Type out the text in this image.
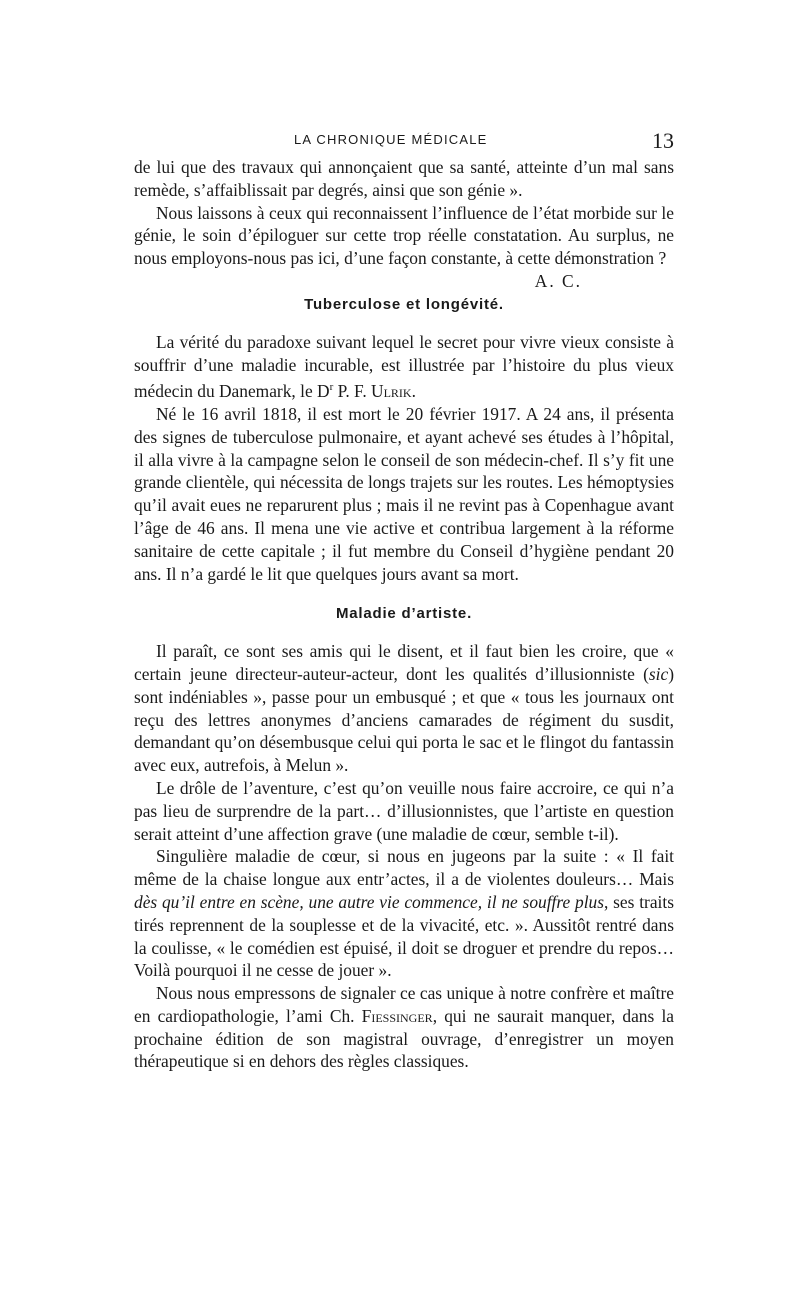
LA CHRONIQUE MÉDICALE	13

de lui que des travaux qui annonçaient que sa santé, atteinte d’un mal sans remède, s’affaiblissait par degrés, ainsi que son génie ».

Nous laissons à ceux qui reconnaissent l’influence de l’état morbide sur le génie, le soin d’épiloguer sur cette trop réelle constatation. Au surplus, ne nous employons-nous pas ici, d’une façon constante, à cette démonstration ?
A. C.

Tuberculose et longévité.

La vérité du paradoxe suivant lequel le secret pour vivre vieux consiste à souffrir d’une maladie incurable, est illustrée par l’histoire du plus vieux médecin du Danemark, le $D^r$ P. F. Ulrik.

Né le 16 avril 1818, il est mort le 20 février 1917. A 24 ans, il présenta des signes de tuberculose pulmonaire, et ayant achevé ses études à l’hôpital, il alla vivre à la campagne selon le conseil de son médecin-chef. Il s’y fit une grande clientèle, qui nécessita de longs trajets sur les routes. Les hémoptysies qu’il avait eues ne reparurent plus ; mais il ne revint pas à Copenhague avant l’âge de 46 ans. Il mena une vie active et contribua largement à la réforme sanitaire de cette capitale ; il fut membre du Conseil d’hygiène pendant 20 ans. Il n’a gardé le lit que quelques jours avant sa mort.

Maladie d’artiste.

Il paraît, ce sont ses amis qui le disent, et il faut bien les croire, que « certain jeune directeur-auteur-acteur, dont les qualités d’illusionniste (sic) sont indéniables », passe pour un embusqué ; et que « tous les journaux ont reçu des lettres anonymes d’anciens camarades de régiment du susdit, demandant qu’on désembusque celui qui porta le sac et le flingot du fantassin avec eux, autrefois, à Melun ».

Le drôle de l’aventure, c’est qu’on veuille nous faire accroire, ce qui n’a pas lieu de surprendre de la part… d’illusionnistes, que l’artiste en question serait atteint d’une affection grave (une maladie de cœur, semble t-il).

Singulière maladie de cœur, si nous en jugeons par la suite : « Il fait même de la chaise longue aux entr’actes, il a de violentes douleurs… Mais dès qu’il entre en scène, une autre vie commence, il ne souffre plus, ses traits tirés reprennent de la souplesse et de la vivacité, etc. ». Aussitôt rentré dans la coulisse, « le comédien est épuisé, il doit se droguer et prendre du repos… Voilà pourquoi il ne cesse de jouer ».

Nous nous empressons de signaler ce cas unique à notre confrère et maître en cardiopathologie, l’ami Ch. Fiessinger, qui ne saurait manquer, dans la prochaine édition de son magistral ouvrage, d’enregistrer un moyen thérapeutique si en dehors des règles classiques.
